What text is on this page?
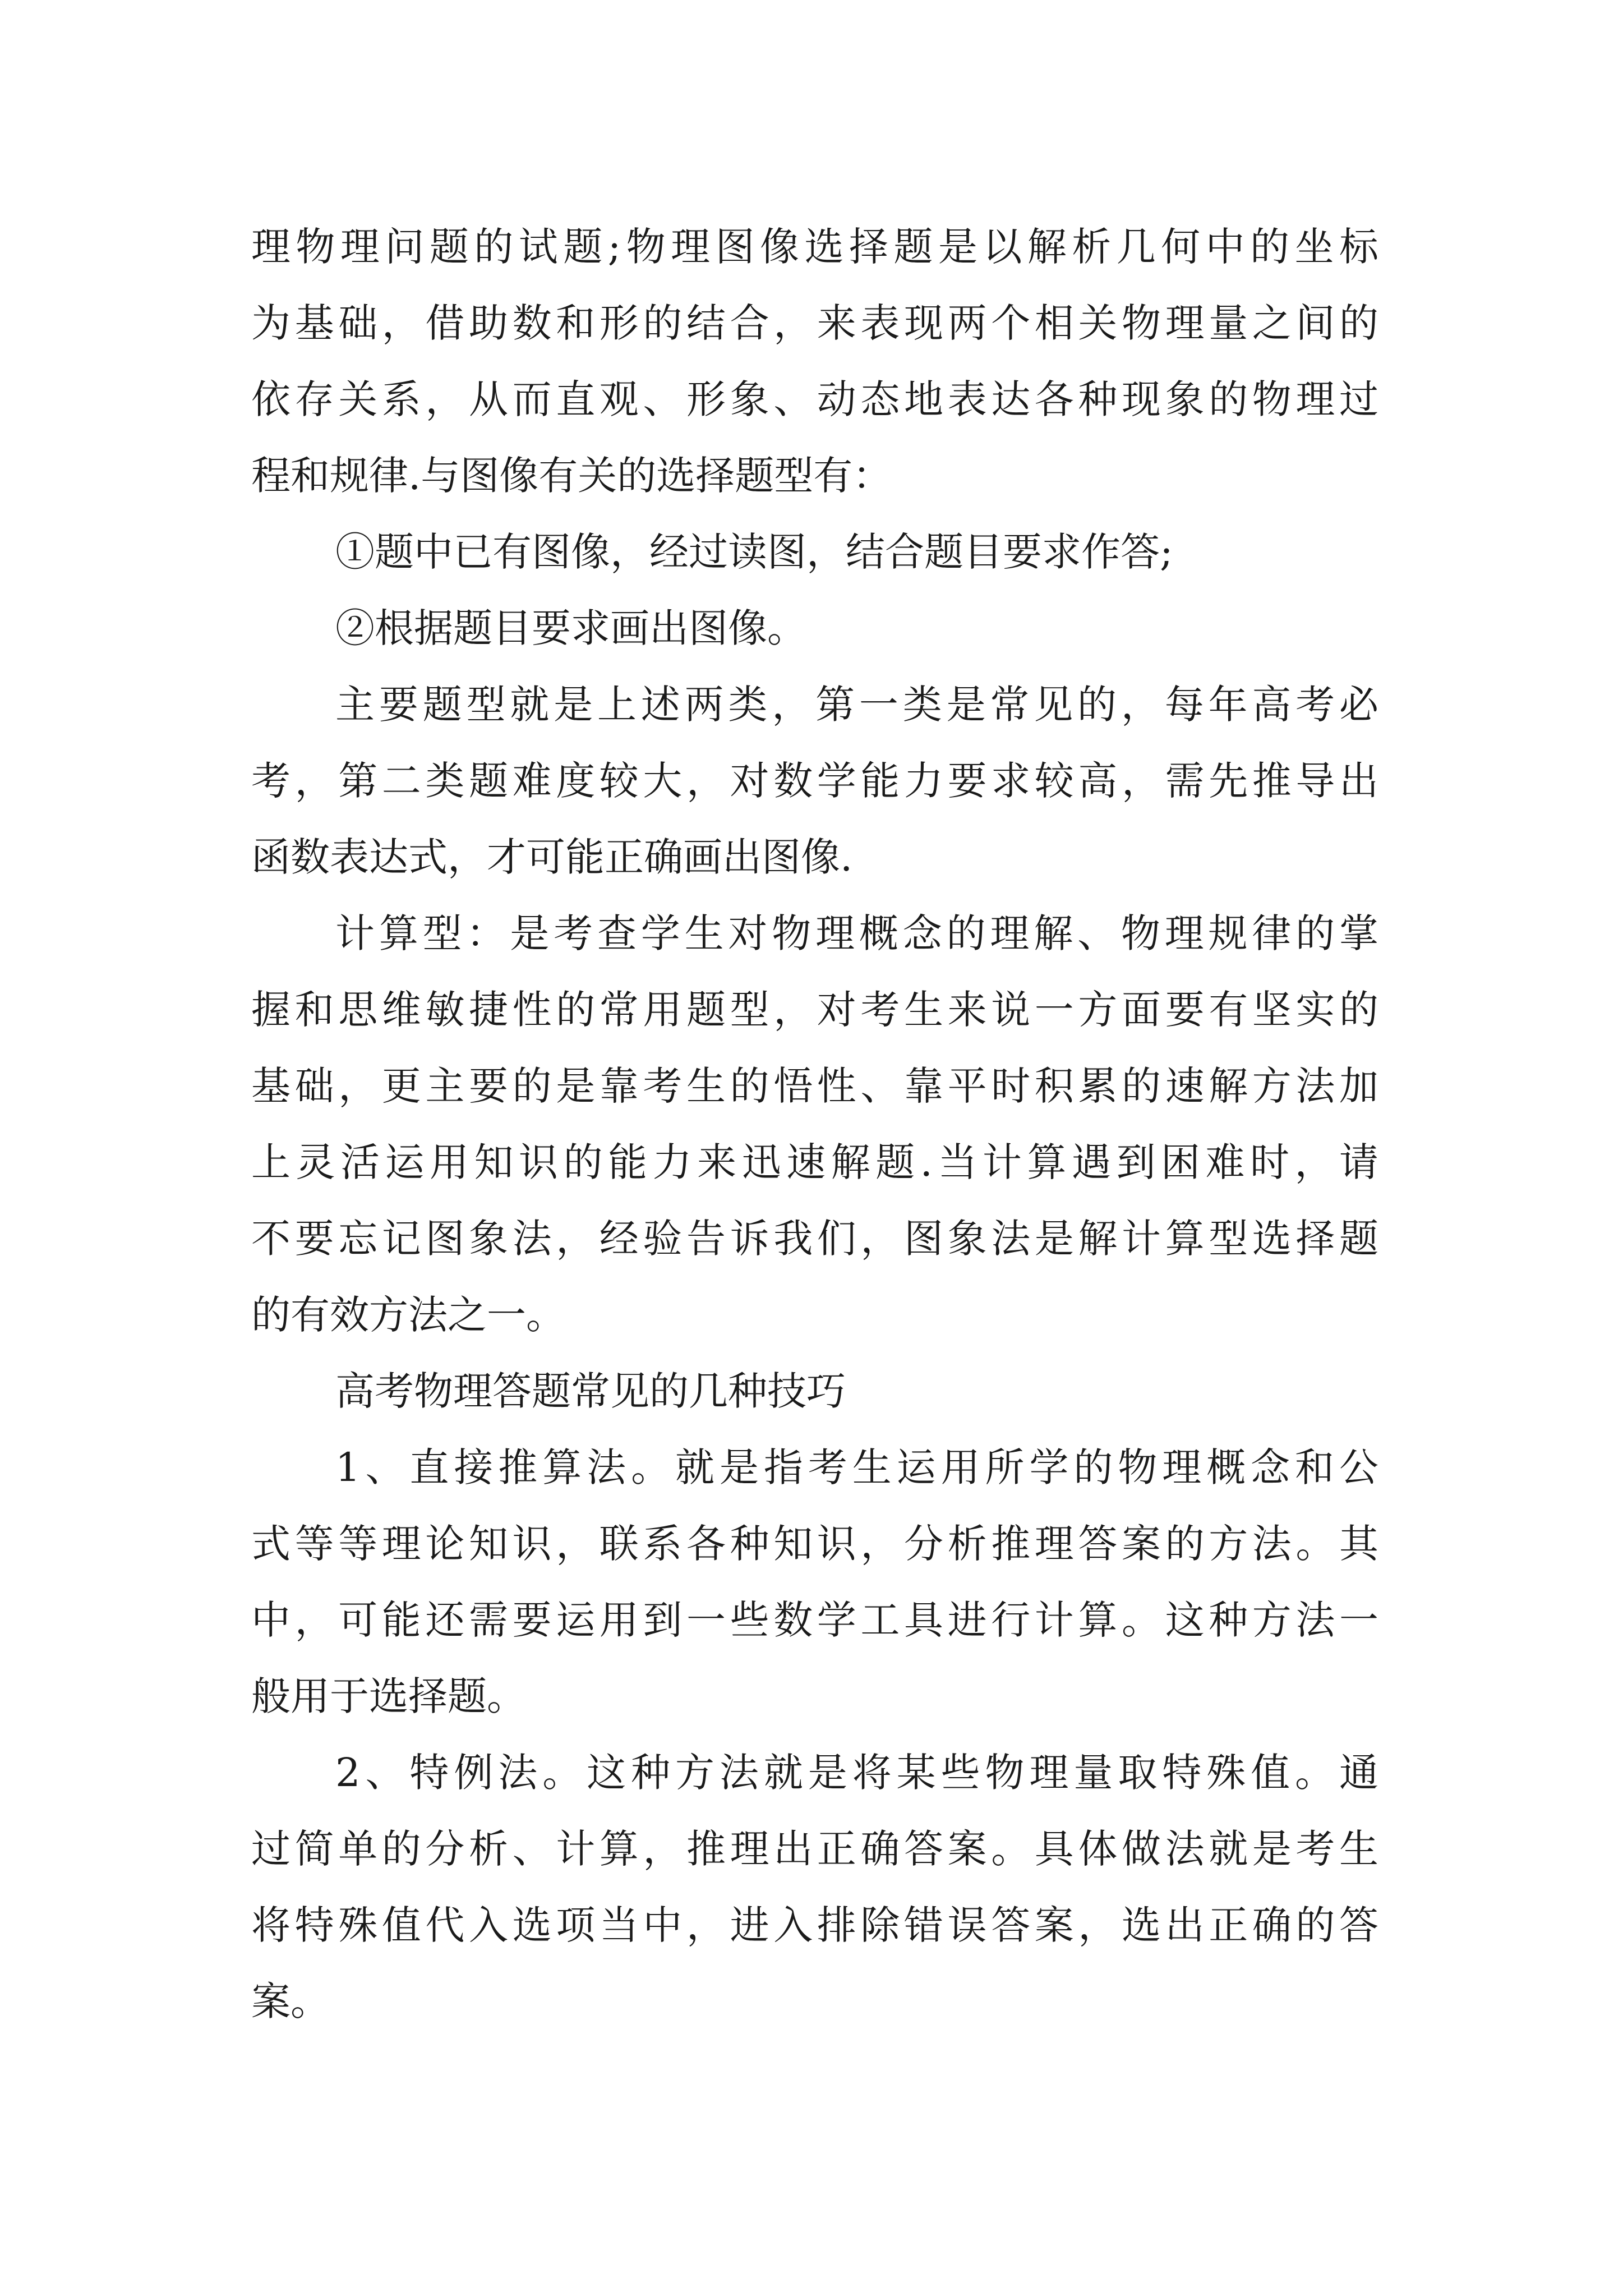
理物理问题的试题;物理图像选择题是以解析几何中的坐标
为基础，借助数和形的结合，来表现两个相关物理量之间的
依存关系，从而直观、形象、动态地表达各种现象的物理过
程和规律.与图像有关的选择题型有：
①题中已有图像，经过读图，结合题目要求作答;
②根据题目要求画出图像。
主要题型就是上述两类，第一类是常见的，每年高考必
考，第二类题难度较大，对数学能力要求较高，需先推导出
函数表达式，才可能正确画出图像.
计算型：是考查学生对物理概念的理解、物理规律的掌
握和思维敏捷性的常用题型，对考生来说一方面要有坚实的
基础，更主要的是靠考生的悟性、靠平时积累的速解方法加
上灵活运用知识的能力来迅速解题.当计算遇到困难时，请
不要忘记图象法，经验告诉我们，图象法是解计算型选择题
的有效方法之一。
高考物理答题常见的几种技巧
1、直接推算法。就是指考生运用所学的物理概念和公
式等等理论知识，联系各种知识，分析推理答案的方法。其
中，可能还需要运用到一些数学工具进行计算。这种方法一
般用于选择题。
2、特例法。这种方法就是将某些物理量取特殊值。通
过简单的分析、计算，推理出正确答案。具体做法就是考生
将特殊值代入选项当中，进入排除错误答案，选出正确的答
案。
